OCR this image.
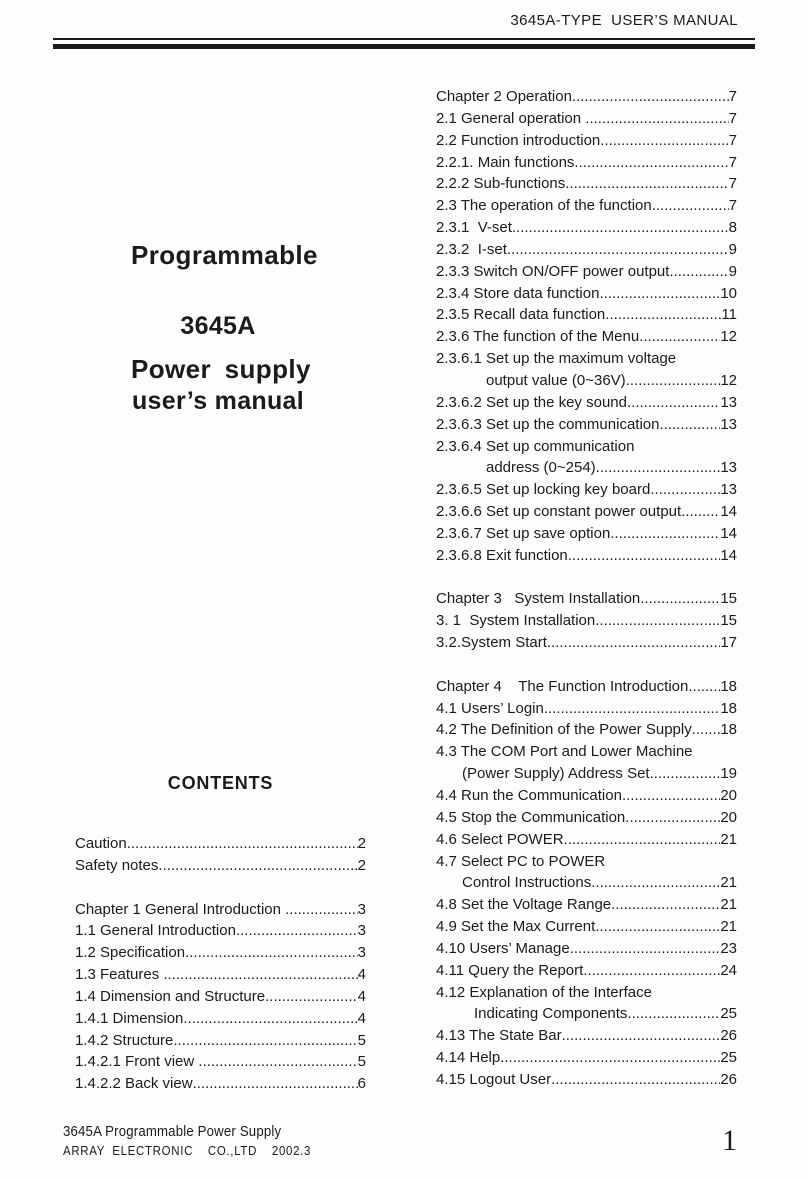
3645A-TYPE  USER’S MANUAL

Programmable

Power supply

3645A

user’s manual

CONTENTS
Caution .....	2
Safety notes .....	2
Chapter 1 General Introduction .....	3
1.1 General Introduction .....	3
1.2 Specification .....	3
1.3 Features .....	4
1.4 Dimension and Structure .....	4
1.4.1 Dimension .....	4
1.4.2 Structure .....	5
1.4.2.1 Front view .....	5
1.4.2.2 Back view .....	6
Chapter 2 Operation .....	7
2.1 General operation .....	7
2.2 Function introduction .....	7
2.2.1. Main functions .....	7
2.2.2 Sub-functions .....	7
2.3 The operation of the function .....	7
2.3.1  V-set .....	8
2.3.2  I-set .....	9
2.3.3 Switch ON/OFF power output .....	9
2.3.4 Store data function .....	10
2.3.5 Recall data function .....	11
2.3.6 The function of the Menu .....	12
2.3.6.1 Set up the maximum voltage
output value (0~36V) .....	12
2.3.6.2 Set up the key sound .....	13
2.3.6.3 Set up the communication .....	13
2.3.6.4 Set up communication
address (0~254) .....	13
2.3.6.5 Set up locking key board .....	13
2.3.6.6 Set up constant power output .....	14
2.3.6.7 Set up save option .....	14
2.3.6.8 Exit function .....	14
Chapter 3   System Installation .....	15
3. 1  System Installation .....	15
3.2.System Start .....	17
Chapter 4    The Function Introduction ..... 18
4.1 Users’ Login .....	18
4.2 The Definition of the Power Supply ..... 18
4.3 The COM Port and Lower Machine
(Power Supply) Address Set .....	19
4.4 Run the Communication .....	20
4.5 Stop the Communication .....	20
4.6 Select POWER .....	21
4.7 Select PC to POWER
Control Instructions .....	21
4.8 Set the Voltage Range .....	21
4.9 Set the Max Current .....	21
4.10 Users’ Manage .....	23
4.11 Query the Report .....	24
4.12 Explanation of the Interface
Indicating Components .....	25
4.13 The State Bar .....	26
4.14 Help .....	25
4.15 Logout User .....	26
3645A Programmable Power Supply
ARRAY ELECTRONIC  CO.,LTD  2002.3	1
